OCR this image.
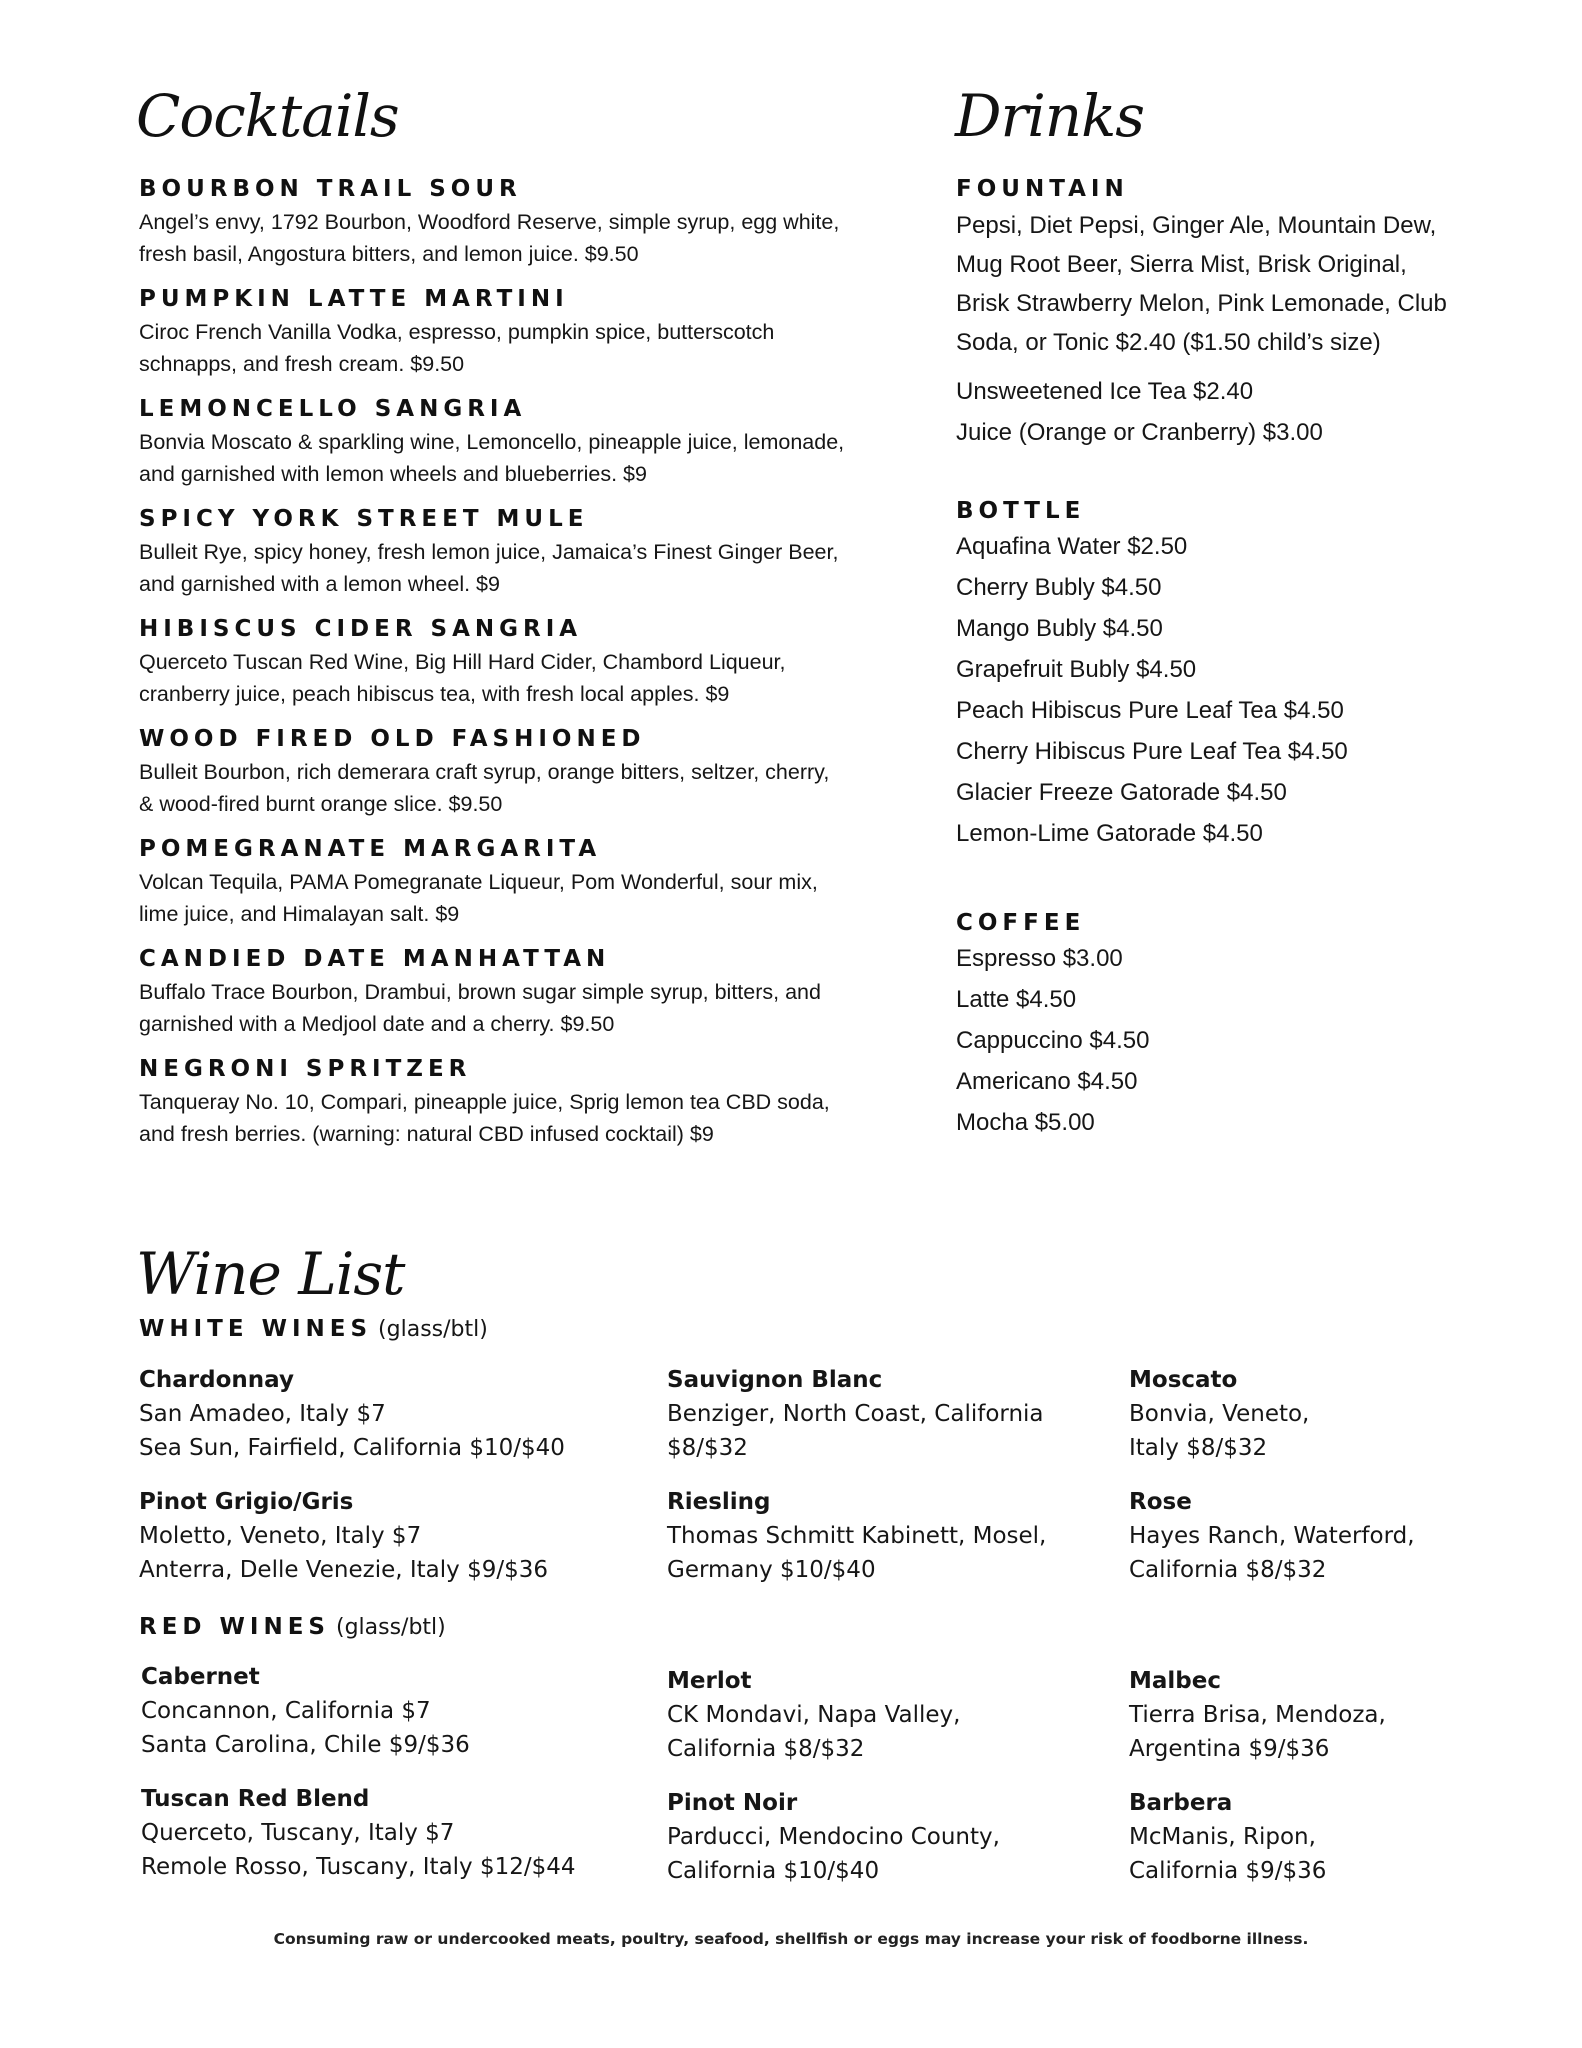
Cocktails
BOURBON TRAIL SOUR

Angel’s envy, 1792 Bourbon, Woodford Reserve, simple syrup, egg white,

fresh basil, Angostura bitters, and lemon juice. $9.50

PUMPKIN LATTE MARTINI

Ciroc French Vanilla Vodka, espresso, pumpkin spice, butterscotch

schnapps, and fresh cream. $9.50

LEMONCELLO SANGRIA

Bonvia Moscato & sparkling wine, Lemoncello, pineapple juice, lemonade,

and garnished with lemon wheels and blueberries. $9

SPICY YORK STREET MULE

Bulleit Rye, spicy honey, fresh lemon juice, Jamaica’s Finest Ginger Beer,

and garnished with a lemon wheel. $9

HIBISCUS CIDER SANGRIA

Querceto Tuscan Red Wine, Big Hill Hard Cider, Chambord Liqueur,

cranberry juice, peach hibiscus tea, with fresh local apples. $9

WOOD FIRED OLD FASHIONED

Bulleit Bourbon, rich demerara craft syrup, orange bitters, seltzer, cherry,

& wood-fired burnt orange slice. $9.50

POMEGRANATE MARGARITA

Volcan Tequila, PAMA Pomegranate Liqueur, Pom Wonderful, sour mix,

lime juice, and Himalayan salt. $9

CANDIED DATE MANHATTAN

Buffalo Trace Bourbon, Drambui, brown sugar simple syrup, bitters, and

garnished with a Medjool date and a cherry. $9.50

NEGRONI SPRITZER

Tanqueray No. 10, Compari, pineapple juice, Sprig lemon tea CBD soda,

and fresh berries. (warning: natural CBD infused cocktail) $9

Drinks
FOUNTAIN
Pepsi, Diet Pepsi, Ginger Ale, Mountain Dew,
Mug Root Beer, Sierra Mist, Brisk Original,
Brisk Strawberry Melon, Pink Lemonade, Club
Soda, or Tonic $2.40 ($1.50 child’s size)

Unsweetened Ice Tea $2.40

Juice (Orange or Cranberry) $3.00

BOTTLE

Aquafina Water $2.50

Cherry Bubly $4.50

Mango Bubly $4.50

Grapefruit Bubly $4.50

Peach Hibiscus Pure Leaf Tea $4.50

Cherry Hibiscus Pure Leaf Tea $4.50

Glacier Freeze Gatorade $4.50

Lemon-Lime Gatorade $4.50

COFFEE

Espresso $3.00

Latte $4.50

Cappuccino $4.50

Americano $4.50

Mocha $5.00

Wine List
WHITE WINES (glass/btl)
Chardonnay
San Amadeo, Italy $7
Sea Sun, Fairfield, California $10/$40
Pinot Grigio/Gris
Moletto, Veneto, Italy $7
Anterra, Delle Venezie, Italy $9/$36
Sauvignon Blanc
Benziger, North Coast, California
$8/$32
Riesling
Thomas Schmitt Kabinett, Mosel,
Germany $10/$40
Moscato
Bonvia, Veneto,
Italy $8/$32
Rose
Hayes Ranch, Waterford,
California $8/$32
RED WINES (glass/btl)
Cabernet
Concannon, California $7
Santa Carolina, Chile $9/$36
Tuscan Red Blend
Querceto, Tuscany, Italy $7
Remole Rosso, Tuscany, Italy $12/$44
Merlot
CK Mondavi, Napa Valley,
California $8/$32
Pinot Noir
Parducci, Mendocino County,
California $10/$40
Malbec
Tierra Brisa, Mendoza,
Argentina $9/$36
Barbera
McManis, Ripon,
California $9/$36
Consuming raw or undercooked meats, poultry, seafood, shellfish or eggs may increase your risk of foodborne illness.
